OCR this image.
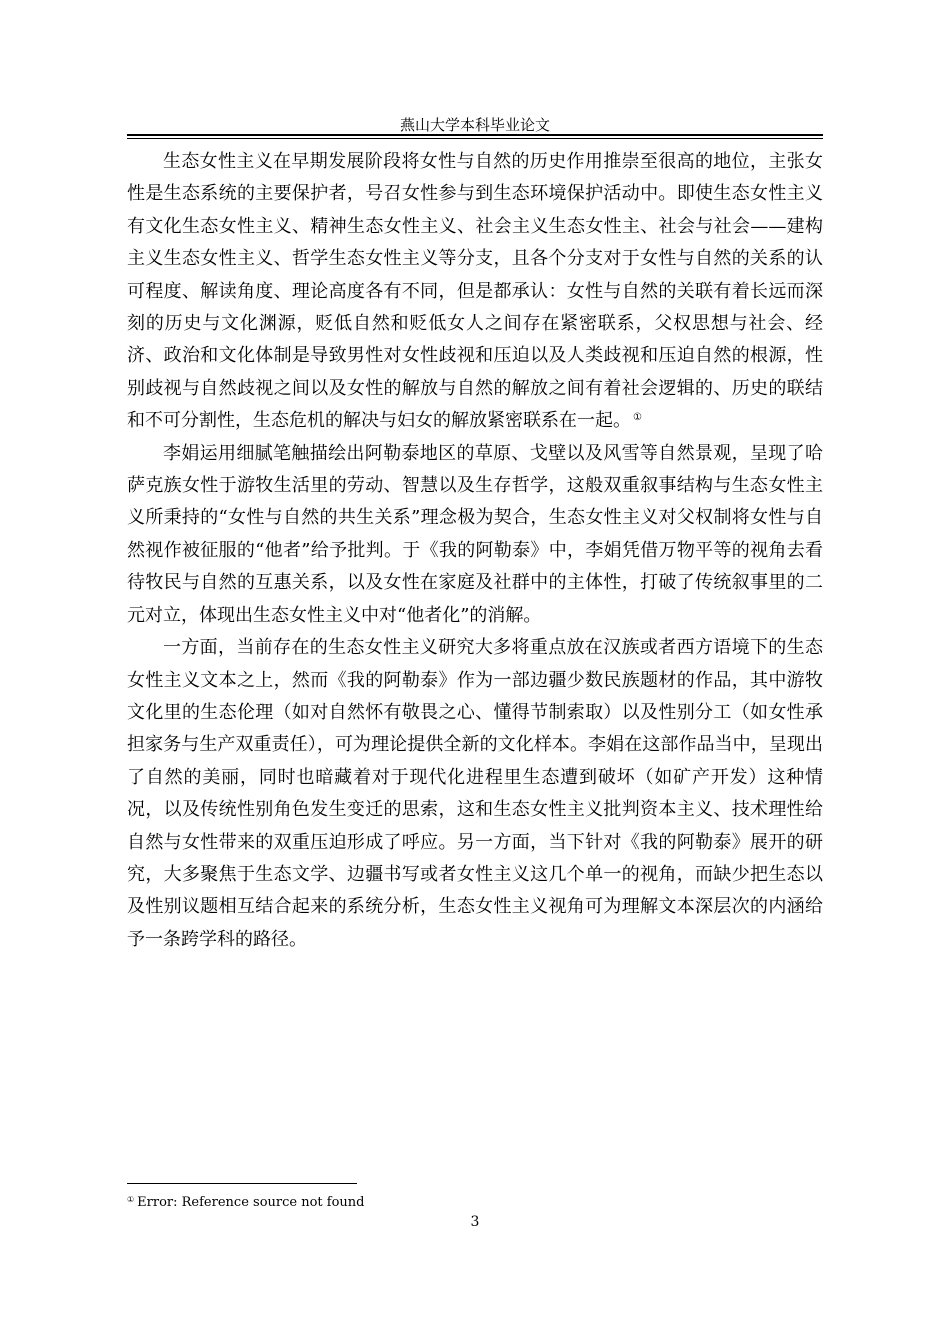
燕山大学本科毕业论文

生态女性主义在早期发展阶段将女性与自然的历史作用推崇至很高的地位，主张女性是生态系统的主要保护者，号召女性参与到生态环境保护活动中。即使生态女性主义有文化生态女性主义、精神生态女性主义、社会主义生态女性主、社会与社会——建构主义生态女性主义、哲学生态女性主义等分支，且各个分支对于女性与自然的关系的认可程度、解读角度、理论高度各有不同，但是都承认：女性与自然的关联有着长远而深刻的历史与文化渊源，贬低自然和贬低女人之间存在紧密联系，父权思想与社会、经济、政治和文化体制是导致男性对女性歧视和压迫以及人类歧视和压迫自然的根源，性别歧视与自然歧视之间以及女性的解放与自然的解放之间有着社会逻辑的、历史的联结和不可分割性，生态危机的解决与妇女的解放紧密联系在一起。 ①

李娟运用细腻笔触描绘出阿勒泰地区的草原、戈壁以及风雪等自然景观，呈现了哈萨克族女性于游牧生活里的劳动、智慧以及生存哲学，这般双重叙事结构与生态女性主义所秉持的“女性与自然的共生关系”理念极为契合，生态女性主义对父权制将女性与自然视作被征服的“他者”给予批判。于《我的阿勒泰》中，李娟凭借万物平等的视角去看待牧民与自然的互惠关系，以及女性在家庭及社群中的主体性，打破了传统叙事里的二元对立，体现出生态女性主义中对“他者化”的消解。

一方面，当前存在的生态女性主义研究大多将重点放在汉族或者西方语境下的生态女性主义文本之上，然而《我的阿勒泰》作为一部边疆少数民族题材的作品，其中游牧文化里的生态伦理（如对自然怀有敬畏之心、懂得节制索取）以及性别分工（如女性承担家务与生产双重责任），可为理论提供全新的文化样本。李娟在这部作品当中，呈现出了自然的美丽，同时也暗藏着对于现代化进程里生态遭到破坏（如矿产开发）这种情况，以及传统性别角色发生变迁的思索，这和生态女性主义批判资本主义、技术理性给自然与女性带来的双重压迫形成了呼应。另一方面，当下针对《我的阿勒泰》展开的研究，大多聚焦于生态文学、边疆书写或者女性主义这几个单一的视角，而缺少把生态以及性别议题相互结合起来的系统分析，生态女性主义视角可为理解文本深层次的内涵给予一条跨学科的路径。

① Error: Reference source not found
3
